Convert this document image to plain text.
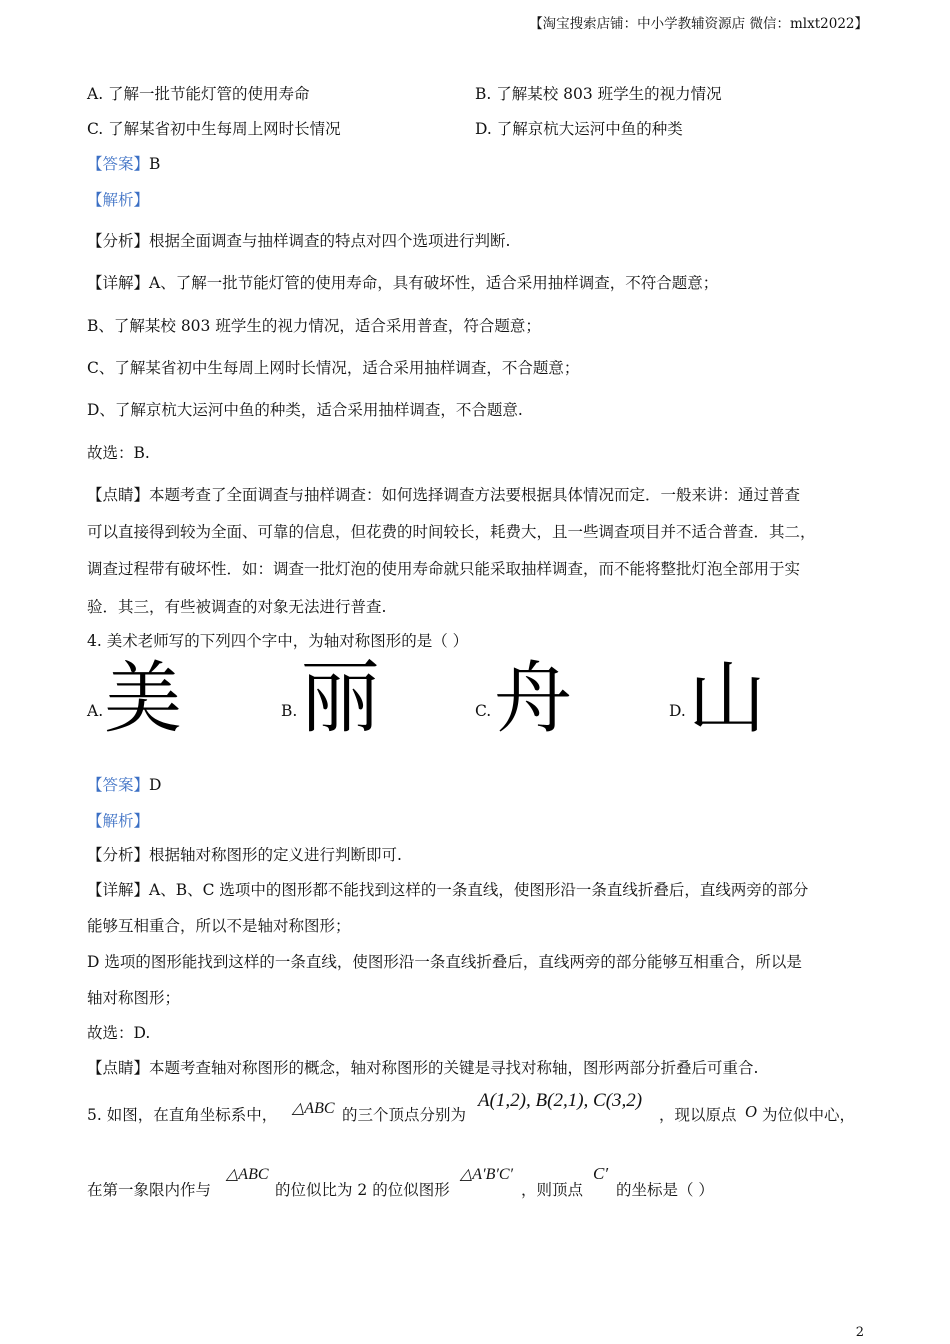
【淘宝搜索店铺：中小学教辅资源店 微信：mlxt2022】
A. 了解一批节能灯管的使用寿命	B. 了解某校 803 班学生的视力情况
C. 了解某省初中生每周上网时长情况	D. 了解京杭大运河中鱼的种类
【答案】B
【解析】
【分析】根据全面调查与抽样调查的特点对四个选项进行判断.
【详解】A、了解一批节能灯管的使用寿命，具有破坏性，适合采用抽样调查，不符合题意；
B、了解某校 803 班学生的视力情况，适合采用普查，符合题意；
C、了解某省初中生每周上网时长情况，适合采用抽样调查，不合题意；
D、了解京杭大运河中鱼的种类，适合采用抽样调查，不合题意.
故选：B.
【点睛】本题考查了全面调查与抽样调查：如何选择调查方法要根据具体情况而定．一般来讲：通过普查
可以直接得到较为全面、可靠的信息，但花费的时间较长，耗费大，且一些调查项目并不适合普查．其二，
调查过程带有破坏性．如：调查一批灯泡的使用寿命就只能采取抽样调查，而不能将整批灯泡全部用于实
验．其三，有些被调查的对象无法进行普查.
4. 美术老师写的下列四个字中，为轴对称图形的是（ ）
A. 美	B. 丽	C. 舟	D. 山
【答案】D
【解析】
【分析】根据轴对称图形的定义进行判断即可.
【详解】A、B、C 选项中的图形都不能找到这样的一条直线，使图形沿一条直线折叠后，直线两旁的部分
能够互相重合，所以不是轴对称图形；
D 选项的图形能找到这样的一条直线，使图形沿一条直线折叠后，直线两旁的部分能够互相重合，所以是
轴对称图形；
故选：D.
【点睛】本题考查轴对称图形的概念，轴对称图形的关键是寻找对称轴，图形两部分折叠后可重合.
5. 如图，在直角坐标系中， △ABC 的三个顶点分别为
A(1,2), B(2,1), C(3,2)
，现以原点 O 为位似中心，
在第一象限内作与
△ABC
的位似比为 2 的位似图形
△A′B′C′
，则顶点
C′
的坐标是（ ）
2
